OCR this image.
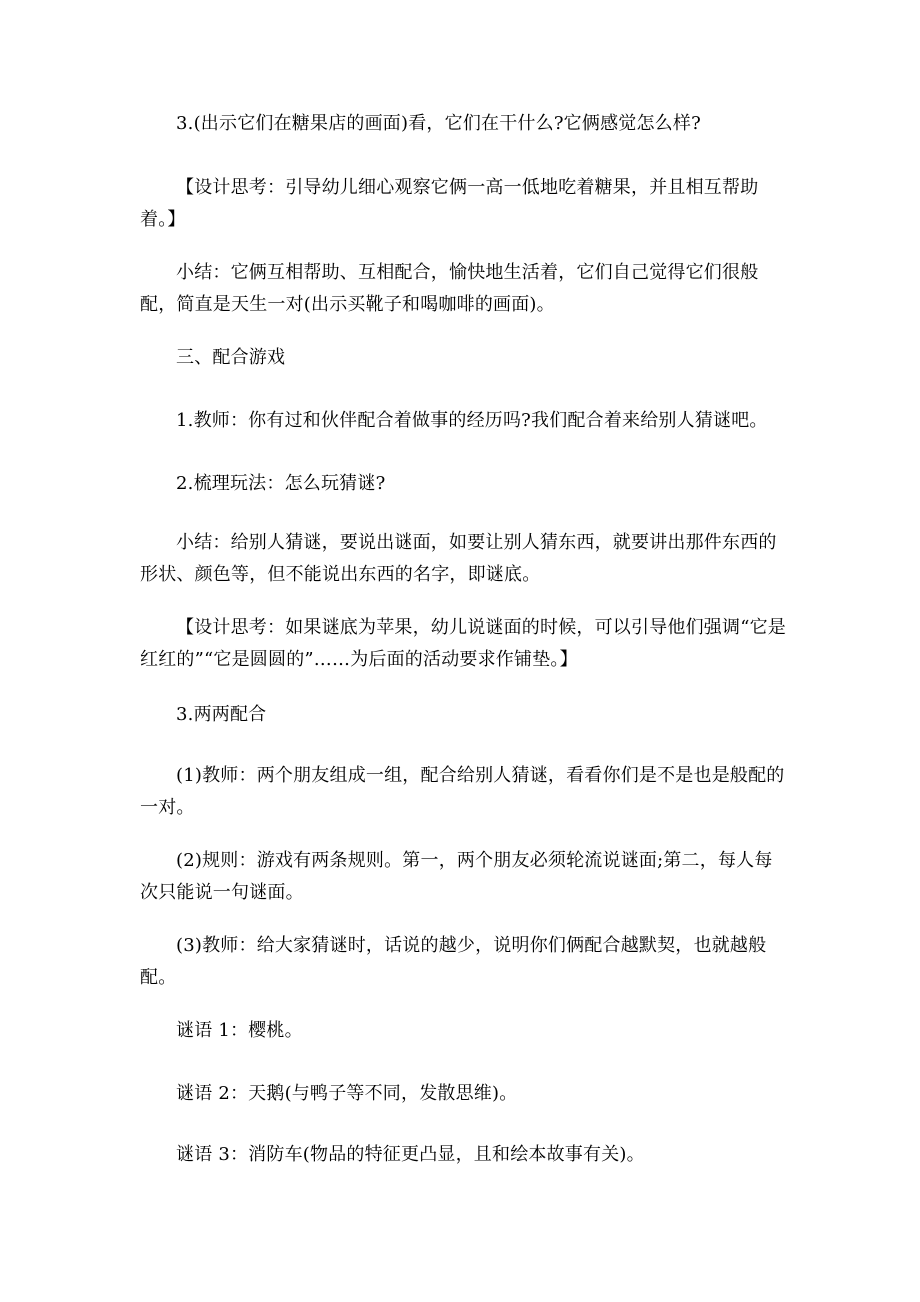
3.(出示它们在糖果店的画面)看，它们在干什么?它俩感觉怎么样?

【设计思考：引导幼儿细心观察它俩一高一低地吃着糖果，并且相互帮助着。】

小结：它俩互相帮助、互相配合，愉快地生活着，它们自己觉得它们很般配，简直是天生一对(出示买靴子和喝咖啡的画面)。

三、配合游戏

1.教师：你有过和伙伴配合着做事的经历吗?我们配合着来给别人猜谜吧。

2.梳理玩法：怎么玩猜谜?

小结：给别人猜谜，要说出谜面，如要让别人猜东西，就要讲出那件东西的形状、颜色等，但不能说出东西的名字，即谜底。

【设计思考：如果谜底为苹果，幼儿说谜面的时候，可以引导他们强调“它是红红的”“它是圆圆的”……为后面的活动要求作铺垫。】

3.两两配合

(1)教师：两个朋友组成一组，配合给别人猜谜，看看你们是不是也是般配的一对。

(2)规则：游戏有两条规则。第一，两个朋友必须轮流说谜面;第二，每人每次只能说一句谜面。

(3)教师：给大家猜谜时，话说的越少，说明你们俩配合越默契，也就越般配。

谜语 1：樱桃。

谜语 2：天鹅(与鸭子等不同，发散思维)。

谜语 3：消防车(物品的特征更凸显，且和绘本故事有关)。
